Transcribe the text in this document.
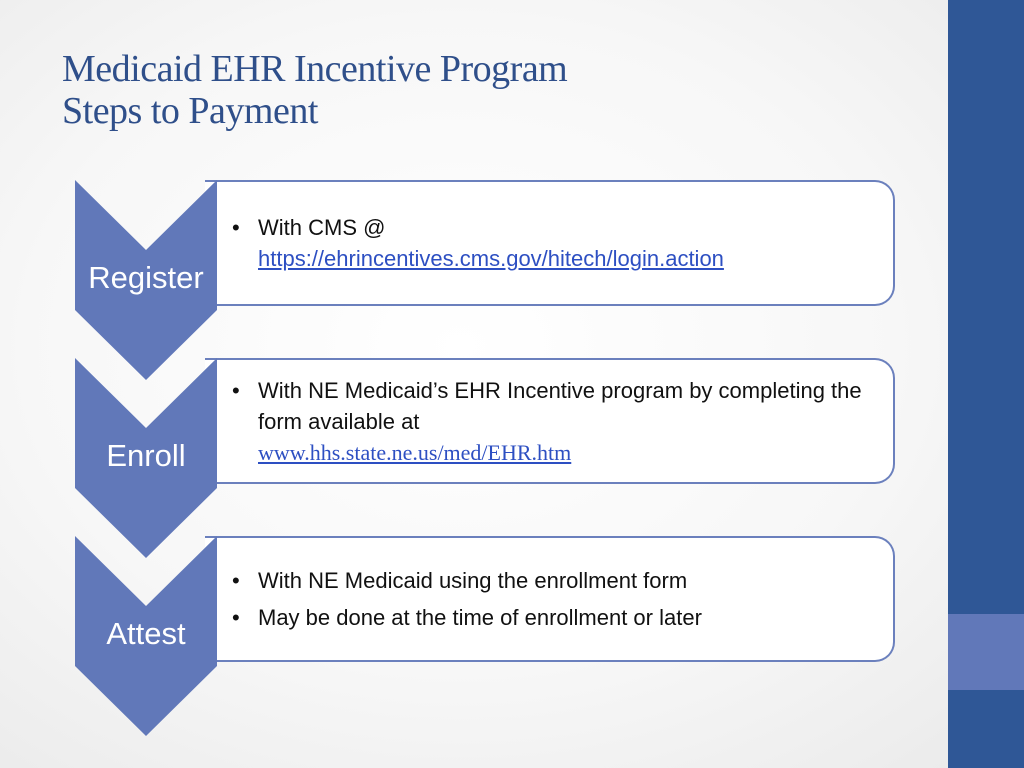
Medicaid EHR Incentive Program
Steps to Payment
Register
• With CMS @
https://ehrincentives.cms.gov/hitech/login.action
Enroll
• With NE Medicaid’s EHR Incentive program by completing the form available at
www.hhs.state.ne.us/med/EHR.htm
Attest
• With NE Medicaid using the enrollment form
• May be done at the time of enrollment or later
